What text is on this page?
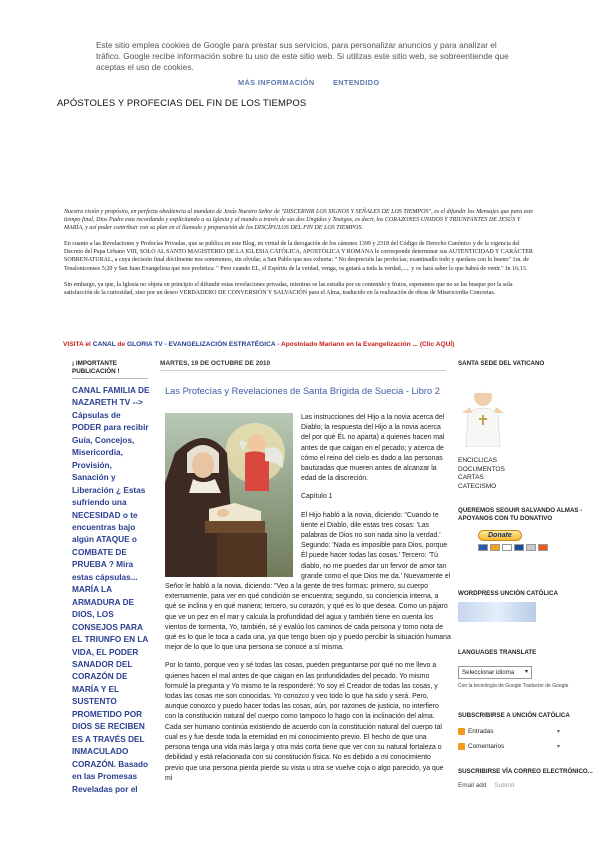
Este sitio emplea cookies de Google para prestar sus servicios, para personalizar anuncios y para analizar el tráfico. Google recibe información sobre tu uso de este sitio web. Si utilizas este sitio web, se sobreentiende que aceptas el uso de cookies.
MÁS INFORMACIÓN	ENTENDIDO
APÓSTOLES Y PROFECIAS DEL FIN DE LOS TIEMPOS

Nuestra visión y propósito, en perfecta obediencia al mandato de Jesús Nuestro Señor de "DISCERNIR LOS SIGNOS Y SEÑALES DE LOS TIEMPOS", es el difundir los Mensajes que para este tiempo final, Dios Padre esta recordando y explicitando a su Iglesia y al mundo a través de sus dos Ungidos y Testigos, es decir, los CORAZONES UNIDOS Y TRIUNFANTES DE JESÚS Y MARÍA, y así poder contribuir con su plan en el llamado y preparación de los DISCÍPULOS DEL FIN DE LOS TIEMPOS.

En cuanto a las Revelaciones y Profecías Privadas, que se publica en este Blog, en virtud de la derogación de los cánones 1399 y 2318 del Código de Derecho Canónico y de la vigencia del Decreto del Papa Urbano VIII, SOLO AL SANTO MAGISTERIO DE LA IGLESIA CATÓLICA, APOSTÓLICA Y ROMANA le corresponde determinar sus AUTENTICIDAD Y CARÁCTER SOBRENATURAL, a cuya decisión final dócilmente nos sometemos, sin olvidar, a San Pablo que nos exhorta: " No despreciéis las profecías; examinadlo todo y quedaos con lo bueno" 1ra. de Tesalonicenses 5;20 y San Juan Evangelista que nos profetiza: " Pero cuando EL, el Espíritu de la verdad, venga, os guiará a toda la verdad,..... y os hará saber lo que habrá de venir." Jn 16;13.

Sin embargo, ya que, la Iglesia no objeta en principio el difundir estas revelaciones privadas, mientras se las estudia por su contenido y frutos, esperamos que no se las busque por la sola satisfacción de la curiosidad, sino por un deseo VERDADERO DE CONVERSIÓN Y SALVACIÓN para el Alma, traducido en la realización de obras de Misericordia Concretas.

VISITA el CANAL de GLORIA TV - EVANGELIZACIÓN ESTRATÉGICA - Apostolado Mariano en la Evangelización ... (Clic AQUÍ)
¡ IMPORTANTE PUBLICACIÓN !
CANAL FAMILIA DE NAZARETH TV --> Cápsulas de PODER para recibir Guía, Concejos, Misericordia, Provisión, Sanación y Liberación ¿ Estas sufriendo una NECESIDAD o te encuentras bajo algún ATAQUE o COMBATE DE PRUEBA ? Mira estas cápsulas... MARÍA LA ARMADURA DE DIOS, LOS CONSEJOS PARA EL TRIUNFO EN LA VIDA, EL PODER SANADOR DEL CORAZÓN DE MARÍA Y EL SUSTENTO PROMETIDO POR DIOS SE RECIBEN ES A TRAVÉS DEL INMACULADO CORAZÓN. Basado en las Promesas Reveladas por el
MARTES, 19 DE OCTUBRE DE 2010
Las Profecías y Revelaciones de Santa Brígida de Suecia - Libro 2

Las instrucciones del Hijo a la novia acerca del Diablo; la respuesta del Hijo a la novia acerca del por qué ÉL no aparta) a quienes hacen mal antes de que caigan en el pecado; y acerca de cómo el reino del cielo es dado a las personas bautizadas que mueren antes de alcanzar la edad de la discreción.

Capítulo 1

El Hijo habló a la novia, diciendo: "Cuando te tiente el Diablo, dile estas tres cosas: 'Las palabras de Dios no son nada sino la verdad.' Segundo: 'Nada es imposible para Dios, porque Él puede hacer todas las cosas.' Tercero: 'Tú diablo, no me puedes dar un fervor de amor tan grande como el que Dios me da.' Nuevamente el Señor le habló a la novia, diciendo: "Veo a la gente de tres formas: primero, su cuerpo externamente, para ver en qué condición se encuentra; segundo, su conciencia interna, a qué se inclina y en qué manera; tercero, su corazón, y qué es lo que desea. Como un pájaro que ve un pez en el mar y calcula la profundidad del agua y también tiene en cuenta los vientos de tormenta, Yo, también, sé y evalúo los caminos de cada persona y tomo nota de qué es lo que le toca a cada una, ya que tengo buen ojo y puedo percibir la situación humana mejor de lo que lo que una persona se conoce a sí misma.

Por lo tanto, porque veo y sé todas las cosas, pueden preguntarse por qué no me llevo a quienes hacen el mal antes de que caigan en las profundidades del pecado. Yo mismo formulé la pregunta y Yo mismo te la responderé: Yo soy el Creador de todas las cosas, y todas las cosas me son conocidas. Yo conozco y veo todo lo que ha sido y será. Pero, aunque conozco y puedo hacer todas las cosas, aún, por razones de justicia, no interfiero con la constitución natural del cuerpo como tampoco lo hago con la inclinación del alma. Cada ser humano continúa existiendo de acuerdo con la constitución natural del cuerpo tal cual es y fue desde toda la eternidad en mi conocimiento previo. El hecho de que una persona tenga una vida más larga y otra más corta tiene que ver con su natural fortaleza o debilidad y está relacionada con su constitución física. No es debido a mi conocimiento previo que una persona pierda pierde su vista u otra se vuelve coja o algo parecido, ya que mi

SANTA SEDE DEL VATICANO
ENCICLICAS
DOCUMENTOS
CARTAS
CATECISMO
QUEREMOS SEGUIR SALVANDO ALMAS - APOYANOS CON TU DONATIVO
Donate
WORDPRESS UNCIÓN CATÓLICA
LANGUAGES TRANSLATE
Seleccionar idioma ▾
Con la tecnología de Google Traductor de Google
SUBSCRIBIRSE A UNCIÓN CATÓLICA
Entradas	▾
Comentarios	▾
SUSCRIBIRSE VÍA CORREO ELECTRÓNICO...
Email add Submit
